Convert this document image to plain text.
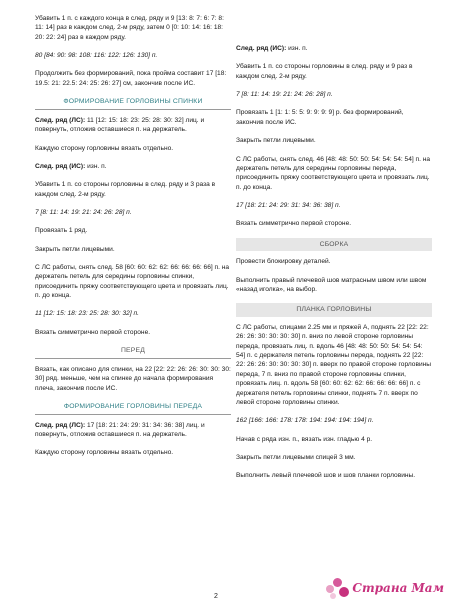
Убавить 1 п. с каждого конца в след. ряду и 9 [13: 8: 7: 6: 7: 8: 11: 14] раз в каждом след. 2-м ряду, затем 0 [0: 10: 14: 16: 18: 20: 22: 24] раз в каждом ряду.

80 [84: 90: 98: 108: 116: 122: 126: 130] п.

Продолжить без формирований, пока пройма составит 17 [18: 19.5: 21: 22.5: 24: 25: 26: 27] см, закончив после ИС.

ФОРМИРОВАНИЕ ГОРЛОВИНЫ СПИНКИ

След. ряд (ЛС): 11 [12: 15: 18: 23: 25: 28: 30: 32] лиц. и повернуть, отложив оставшиеся п. на держатель.

Каждую сторону горловины вязать отдельно.

След. ряд (ИС): изн. п.

Убавить 1 п. со стороны горловины в след. ряду и 3 раза в каждом след. 2-м ряду.

7 [8: 11: 14: 19: 21: 24: 26: 28] п.

Провязать 1 ряд.

Закрыть петли лицевыми.

С ЛС работы, снять след. 58 [60: 60: 62: 62: 66: 66: 66: 66] п. на держатель петель для середины горловины спинки, присоединить пряжу соответствующего цвета и провязать лиц. п. до конца.

11 [12: 15: 18: 23: 25: 28: 30: 32] п.

Вязать симметрично первой стороне.

ПЕРЕД

Вязать, как описано для спинки, на 22 [22: 22: 26: 26: 30: 30: 30: 30] ряд. меньше, чем на спинке до начала формирования плеча, закончив после ИС.

ФОРМИРОВАНИЕ ГОРЛОВИНЫ ПЕРЕДА

След. ряд (ЛС): 17 [18: 21: 24: 29: 31: 34: 36: 38] лиц. и повернуть, отложив оставшиеся п. на держатель.

Каждую сторону горловины вязать отдельно.

След. ряд (ИС): изн. п.

Убавить 1 п. со стороны горловины в след. ряду и 9 раз в каждом след. 2-м ряду.

7 [8: 11: 14: 19: 21: 24: 26: 28] п.

Провязать 1 [1: 1: 5: 5: 9: 9: 9: 9] р. без формирований, закончив после ИС.

Закрыть петли лицевыми.

С ЛС работы, снять след. 46 [48: 48: 50: 50: 54: 54: 54: 54] п. на держатель петель для середины горловины переда, присоединить пряжу соответствующего цвета и провязать лиц. п. до конца.

17 [18: 21: 24: 29: 31: 34: 36: 38] п.

Вязать симметрично первой стороне.

СБОРКА

Провести блокировку деталей.

Выполнить правый плечевой шов матрасным швом или швом «назад иголка», на выбор.

ПЛАНКА ГОРЛОВИНЫ

С ЛС работы, спицами 2.25 мм и пряжей А, поднять 22 [22: 22: 26: 26: 30: 30: 30: 30] п. вниз по левой стороне горловины переда, провязать лиц. п. вдоль 46 [48: 48: 50: 50: 54: 54: 54: 54] п. с держателя петель горловины переда, поднять 22 [22: 22: 26: 26: 30: 30: 30: 30] п. вверх по правой стороне горловины переда, 7 п. вниз по правой стороне горловины спинки, провязать лиц. п. вдоль 58 [60: 60: 62: 62: 66: 66: 66: 66] п. с держателя петель горловины спинки, поднять 7 п. вверх по левой стороне горловины спинки.

162 [166: 166: 178: 178: 194: 194: 194: 194] п.

Начав с ряда изн. п., вязать изн. гладью 4 р.

Закрыть петли лицевыми спицей 3 мм.

Выполнить левый плечевой шов и шов планки горловины.

2
Страна Мам
